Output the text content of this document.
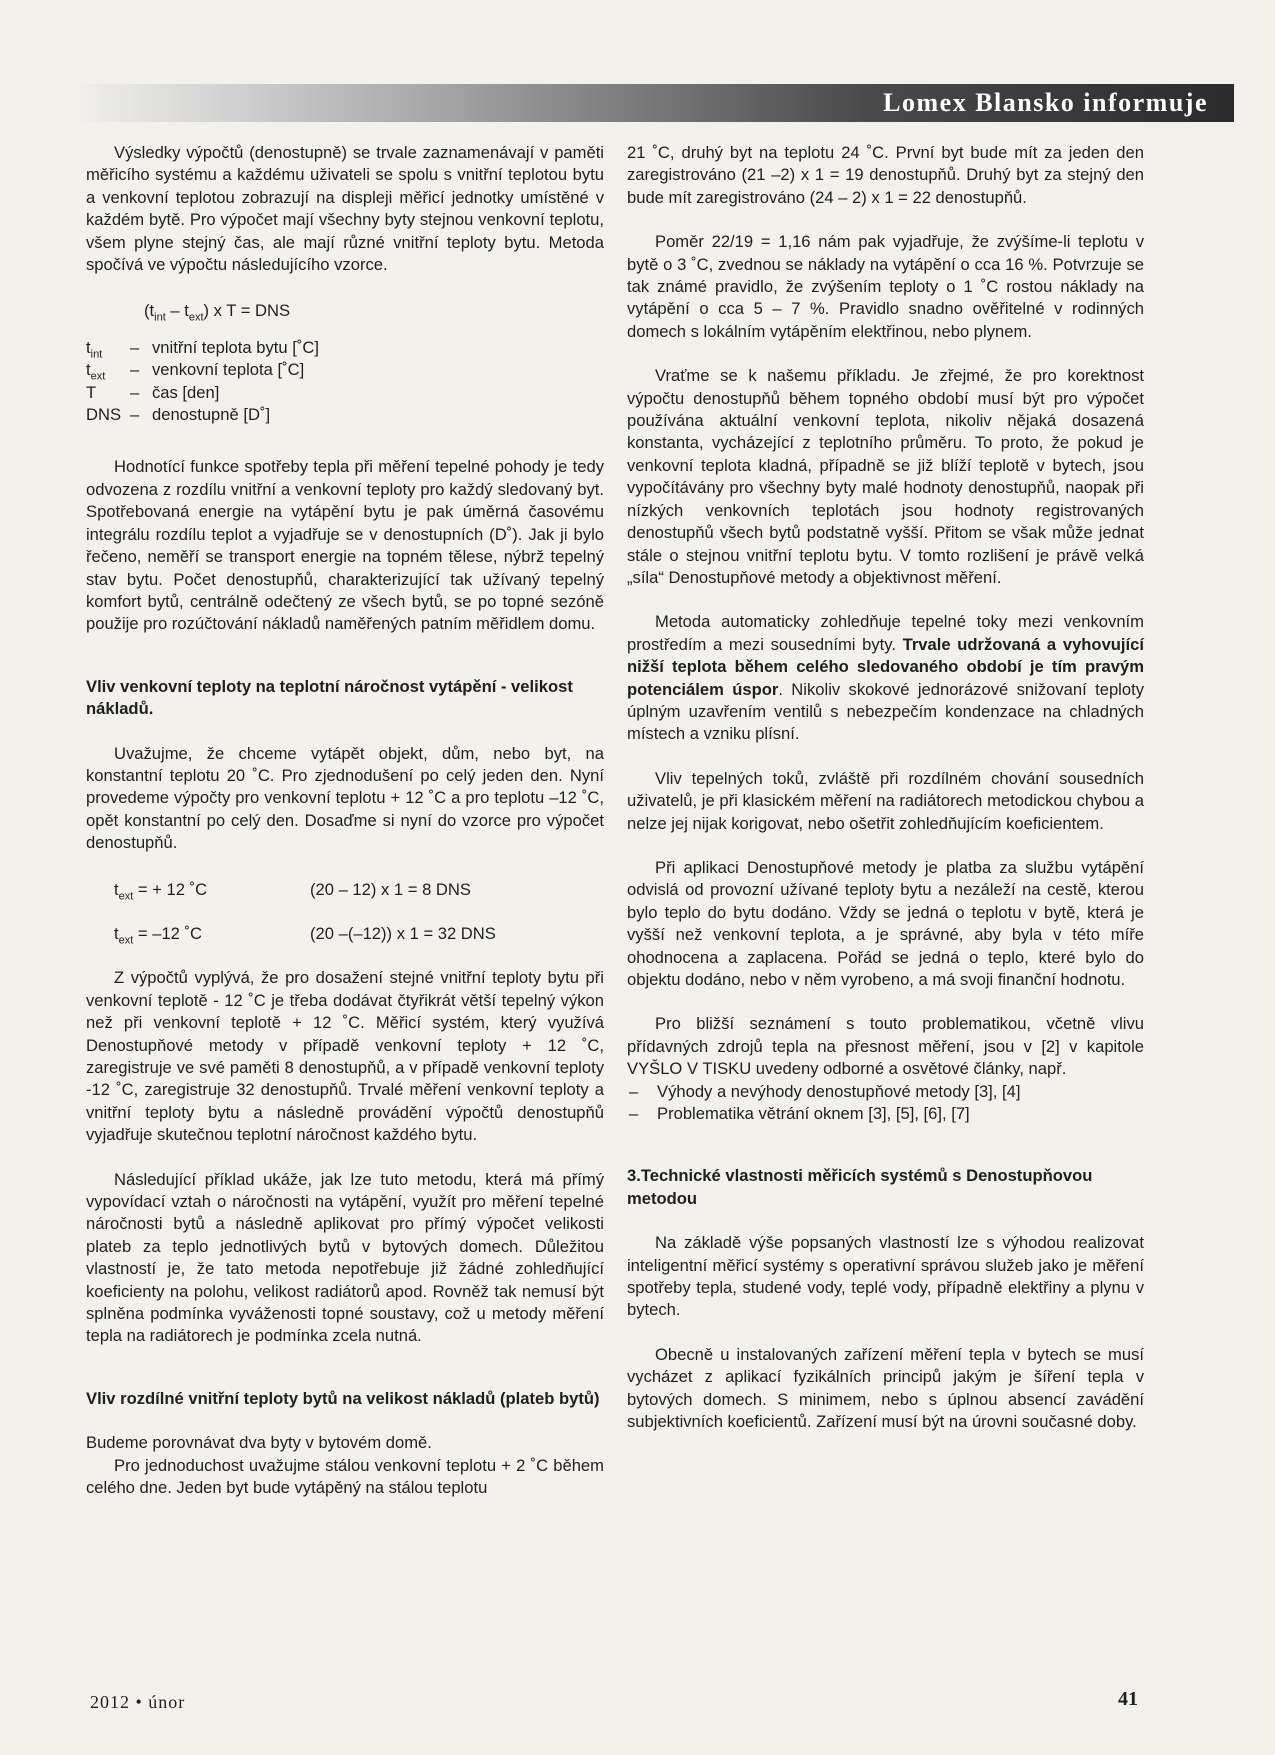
Lomex Blansko informuje

Výsledky výpočtů (denostupně) se trvale zaznamenávají v paměti měřicího systému a každému uživateli se spolu s vnitřní teplotou bytu a venkovní teplotou zobrazují na displeji měřicí jednotky umístěné v každém bytě. Pro výpočet mají všechny byty stejnou venkovní teplotu, všem plyne stejný čas, ale mají různé vnitřní teploty bytu. Metoda spočívá ve výpočtu následujícího vzorce.

$(t_{int} - t_{ext})$ x T = DNS
$t_{int}$	–	vnitřní teplota bytu [˚C]
$t_{ext}$	–	venkovní teplota [˚C]
T	–	čas [den]
DNS	–	denostupně [D˚]

Hodnotící funkce spotřeby tepla při měření tepelné pohody je tedy odvozena z rozdílu vnitřní a venkovní teploty pro každý sledovaný byt. Spotřebovaná energie na vytápění bytu je pak úměrná časovému integrálu rozdílu teplot a vyjadřuje se v denostupních (D˚). Jak ji bylo řečeno, neměří se transport energie na topném tělese, nýbrž tepelný stav bytu. Počet denostupňů, charakterizující tak užívaný tepelný komfort bytů, centrálně odečtený ze všech bytů, se po topné sezóně použije pro rozúčtování nákladů naměřených patním měřidlem domu.

Vliv venkovní teploty na teplotní náročnost vytápění - velikost nákladů.

Uvažujme, že chceme vytápět objekt, dům, nebo byt, na konstantní teplotu 20 ˚C. Pro zjednodušení po celý jeden den. Nyní provedeme výpočty pro venkovní teplotu + 12 ˚C a pro teplotu –12 ˚C, opět konstantní po celý den. Dosaďme si nyní do vzorce pro výpočet denostupňů.

$t_{ext}$ = + 12 ˚C	(20 – 12) x 1 = 8 DNS

$t_{ext} = -12$ ˚C	(20 –(–12)) x 1 = 32 DNS

Z výpočtů vyplývá, že pro dosažení stejné vnitřní teploty bytu při venkovní teplotě - 12 ˚C je třeba dodávat čtyřikrát větší tepelný výkon než při venkovní teplotě + 12 ˚C. Měřicí systém, který využívá Denostupňové metody v případě venkovní teploty + 12 ˚C, zaregistruje ve své paměti 8 denostupňů, a v případě venkovní teploty -12 ˚C, zaregistruje 32 denostupňů. Trvalé měření venkovní teploty a vnitřní teploty bytu a následně provádění výpočtů denostupňů vyjadřuje skutečnou teplotní náročnost každého bytu.

Následující příklad ukáže, jak lze tuto metodu, která má přímý vypovídací vztah o náročnosti na vytápění, využít pro měření tepelné náročnosti bytů a následně aplikovat pro přímý výpočet velikosti plateb za teplo jednotlivých bytů v bytových domech. Důležitou vlastností je, že tato metoda nepotřebuje již žádné zohledňující koeficienty na polohu, velikost radiátorů apod. Rovněž tak nemusí být splněna podmínka vyváženosti topné soustavy, což u metody měření tepla na radiátorech je podmínka zcela nutná.

Vliv rozdílné vnitřní teploty bytů na velikost nákladů (plateb bytů)

Budeme porovnávat dva byty v bytovém domě.

Pro jednoduchost uvažujme stálou venkovní teplotu + 2 ˚C během celého dne. Jeden byt bude vytápěný na stálou teplotu

21 ˚C, druhý byt na teplotu 24 ˚C. První byt bude mít za jeden den zaregistrováno (21 –2) x 1 = 19 denostupňů. Druhý byt za stejný den bude mít zaregistrováno (24 – 2) x 1 = 22 denostupňů.

Poměr 22/19 = 1,16 nám pak vyjadřuje, že zvýšíme-li teplotu v bytě o 3 ˚C, zvednou se náklady na vytápění o cca 16 %. Potvrzuje se tak známé pravidlo, že zvýšením teploty o 1 ˚C rostou náklady na vytápění o cca 5 – 7 %. Pravidlo snadno ověřitelné v rodinných domech s lokálním vytápěním elektřinou, nebo plynem.

Vraťme se k našemu příkladu. Je zřejmé, že pro korektnost výpočtu denostupňů během topného období musí být pro výpočet používána aktuální venkovní teplota, nikoliv nějaká dosazená konstanta, vycházející z teplotního průměru. To proto, že pokud je venkovní teplota kladná, případně se již blíží teplotě v bytech, jsou vypočítávány pro všechny byty malé hodnoty denostupňů, naopak při nízkých venkovních teplotách jsou hodnoty registrovaných denostupňů všech bytů podstatně vyšší. Přitom se však může jednat stále o stejnou vnitřní teplotu bytu. V tomto rozlišení je právě velká „síla“ Denostupňové metody a objektivnost měření.

Metoda automaticky zohledňuje tepelné toky mezi venkovním prostředím a mezi sousedními byty. Trvale udržovaná a vyhovující nižší teplota během celého sledovaného období je tím pravým potenciálem úspor. Nikoliv skokové jednorázové snižovaní teploty úplným uzavřením ventilů s nebezpečím kondenzace na chladných místech a vzniku plísní.

Vliv tepelných toků, zvláště při rozdílném chování sousedních uživatelů, je při klasickém měření na radiátorech metodickou chybou a nelze jej nijak korigovat, nebo ošetřit zohledňujícím koeficientem.

Při aplikaci Denostupňové metody je platba za službu vytápění odvislá od provozní užívané teploty bytu a nezáleží na cestě, kterou bylo teplo do bytu dodáno. Vždy se jedná o teplotu v bytě, která je vyšší než venkovní teplota, a je správné, aby byla v této míře ohodnocena a zaplacena. Pořád se jedná o teplo, které bylo do objektu dodáno, nebo v něm vyrobeno, a má svoji finanční hodnotu.

Pro bližší seznámení s touto problematikou, včetně vlivu přídavných zdrojů tepla na přesnost měření, jsou v [2] v kapitole VYŠLO V TISKU uvedeny odborné a osvětové články, např.

– Výhody a nevýhody denostupňové metody [3], [4]
– Problematika větrání oknem [3], [5], [6], [7]
3.Technické vlastnosti měřicích systémů s Denostupňovou metodou

Na základě výše popsaných vlastností lze s výhodou realizovat inteligentní měřicí systémy s operativní správou služeb jako je měření spotřeby tepla, studené vody, teplé vody, případně elektřiny a plynu v bytech.

Obecně u instalovaných zařízení měření tepla v bytech se musí vycházet z aplikací fyzikálních principů jakým je šíření tepla v bytových domech. S minimem, nebo s úplnou absencí zavádění subjektivních koeficientů. Zařízení musí být na úrovni současné doby.

2012 • únor	41
